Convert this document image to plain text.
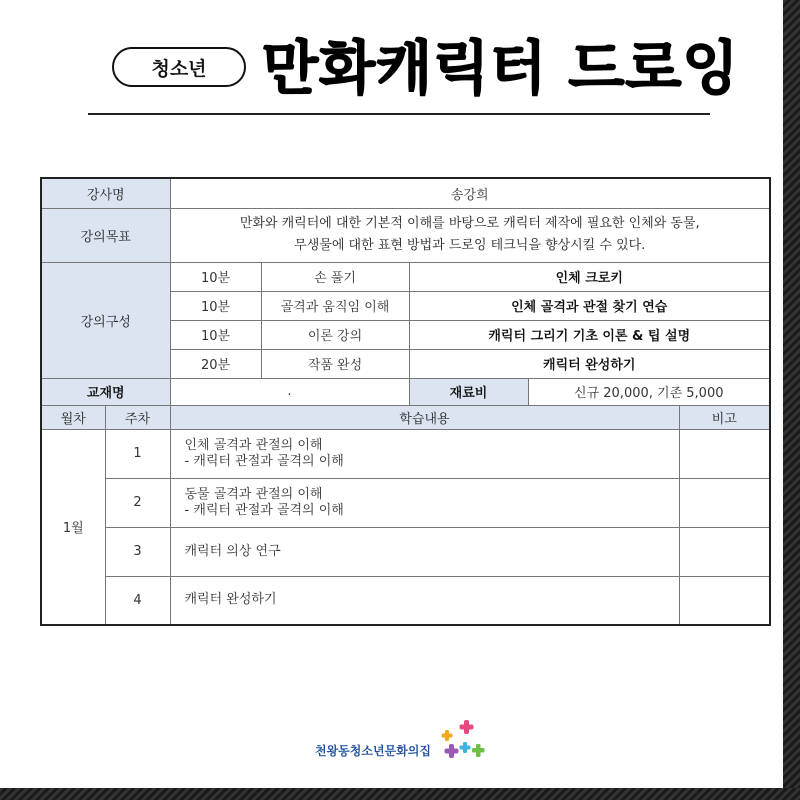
청소년 만화캐릭터 드로잉
강사명		송강희				
강의목표		만화와 캐릭터에 대한 기본적 이해를 바탕으로 캐릭터 제작에 필요한 인체와 동물,
무생물에 대한 표현 방법과 드로잉 테크닉을 향상시킬 수 있다.				

강의구성		10분	손 풀기	인체 크로키		
		10분	골격과 움직임 이해	인체 골격과 관절 찾기 연습		
		10분	이론 강의	캐릭터 그리기 기초 이론 & 팁 설명		
		20분	작품 완성	캐릭터 완성하기		
교재명		.		재료비	신규 20,000, 기존 5,000	
월차	주차	학습내용				비고
1월	1	인체 골격과 관절의 이해
- 캐릭터 관절과 골격의 이해				

	2	동물 골격과 관절의 이해
- 캐릭터 관절과 골격의 이해				

	3	캐릭터 의상 연구				
	4	캐릭터 완성하기				
천왕동청소년문화의집
